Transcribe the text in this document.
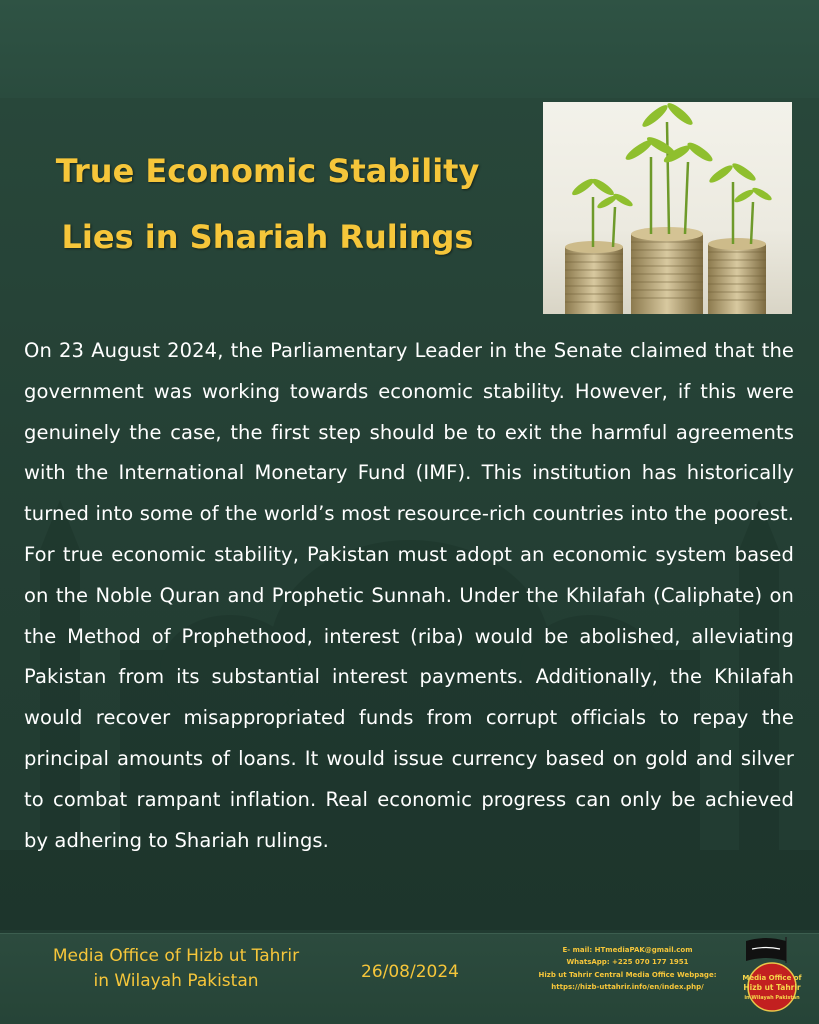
True Economic Stability
Lies in Shariah Rulings
On 23 August 2024, the Parliamentary Leader in the Senate claimed that the government was working towards economic stability. However, if this were genuinely the case, the first step should be to exit the harmful agreements with the International Monetary Fund (IMF). This institution has historically turned into some of the world’s most resource-rich countries into the poorest. For true economic stability, Pakistan must adopt an economic system based on the Noble Quran and Prophetic Sunnah. Under the Khilafah (Caliphate) on the Method of Prophethood, interest (riba) would be abolished, alleviating Pakistan from its substantial interest payments. Additionally, the Khilafah would recover misappropriated funds from corrupt officials to repay the principal amounts of loans. It would issue currency based on gold and silver to combat rampant inflation. Real economic progress can only be achieved by adhering to Shariah rulings.
Media Office of Hizb ut Tahrir
in Wilayah Pakistan	26/08/2024
E- mail: HTmediaPAK@gmail.com
WhatsApp: +225 070 177 1951
Hizb ut Tahrir Central Media Office Webpage:
https://hizb-uttahrir.info/en/index.php/
Media Office of
Hizb ut Tahrir
in Wilayah Pakistan
